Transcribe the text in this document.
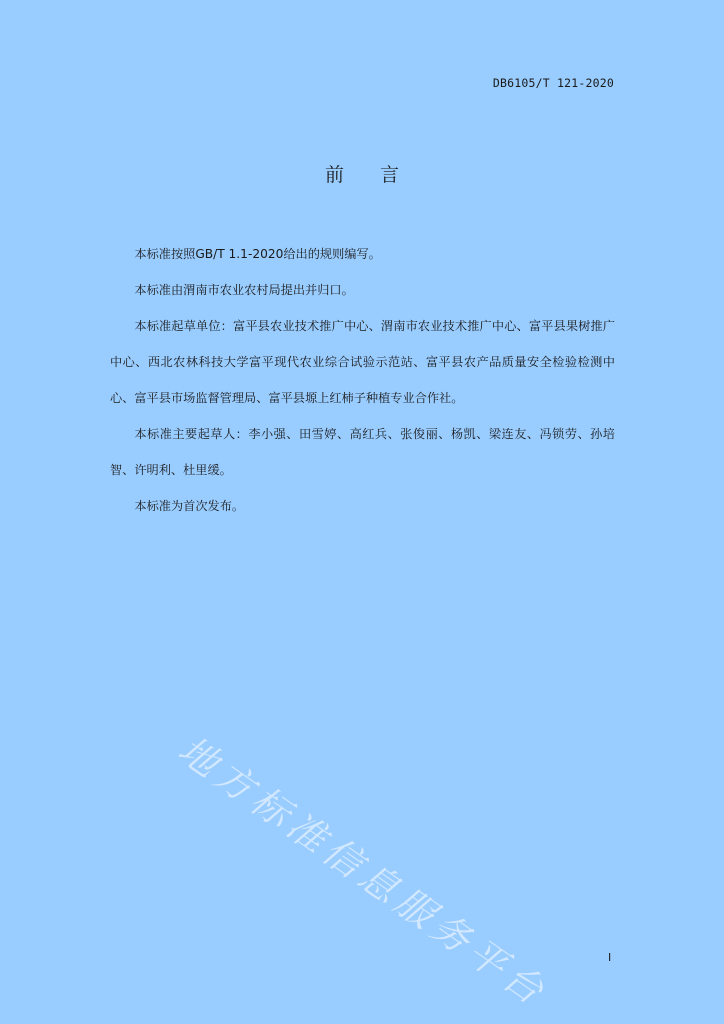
DB6105/T 121-2020
前言

本标准按照GB/T 1.1-2020给出的规则编写。

本标准由渭南市农业农村局提出并归口。

本标准起草单位：富平县农业技术推广中心、渭南市农业技术推广中心、富平县果树推广中心、西北农林科技大学富平现代农业综合试验示范站、富平县农产品质量安全检验检测中心、富平县市场监督管理局、富平县塬上红柿子种植专业合作社。

本标准主要起草人：李小强、田雪婷、高红兵、张俊丽、杨凯、梁连友、冯锁劳、孙培智、许明利、杜里缓。

本标准为首次发布。

地方标准信息服务平台	I
